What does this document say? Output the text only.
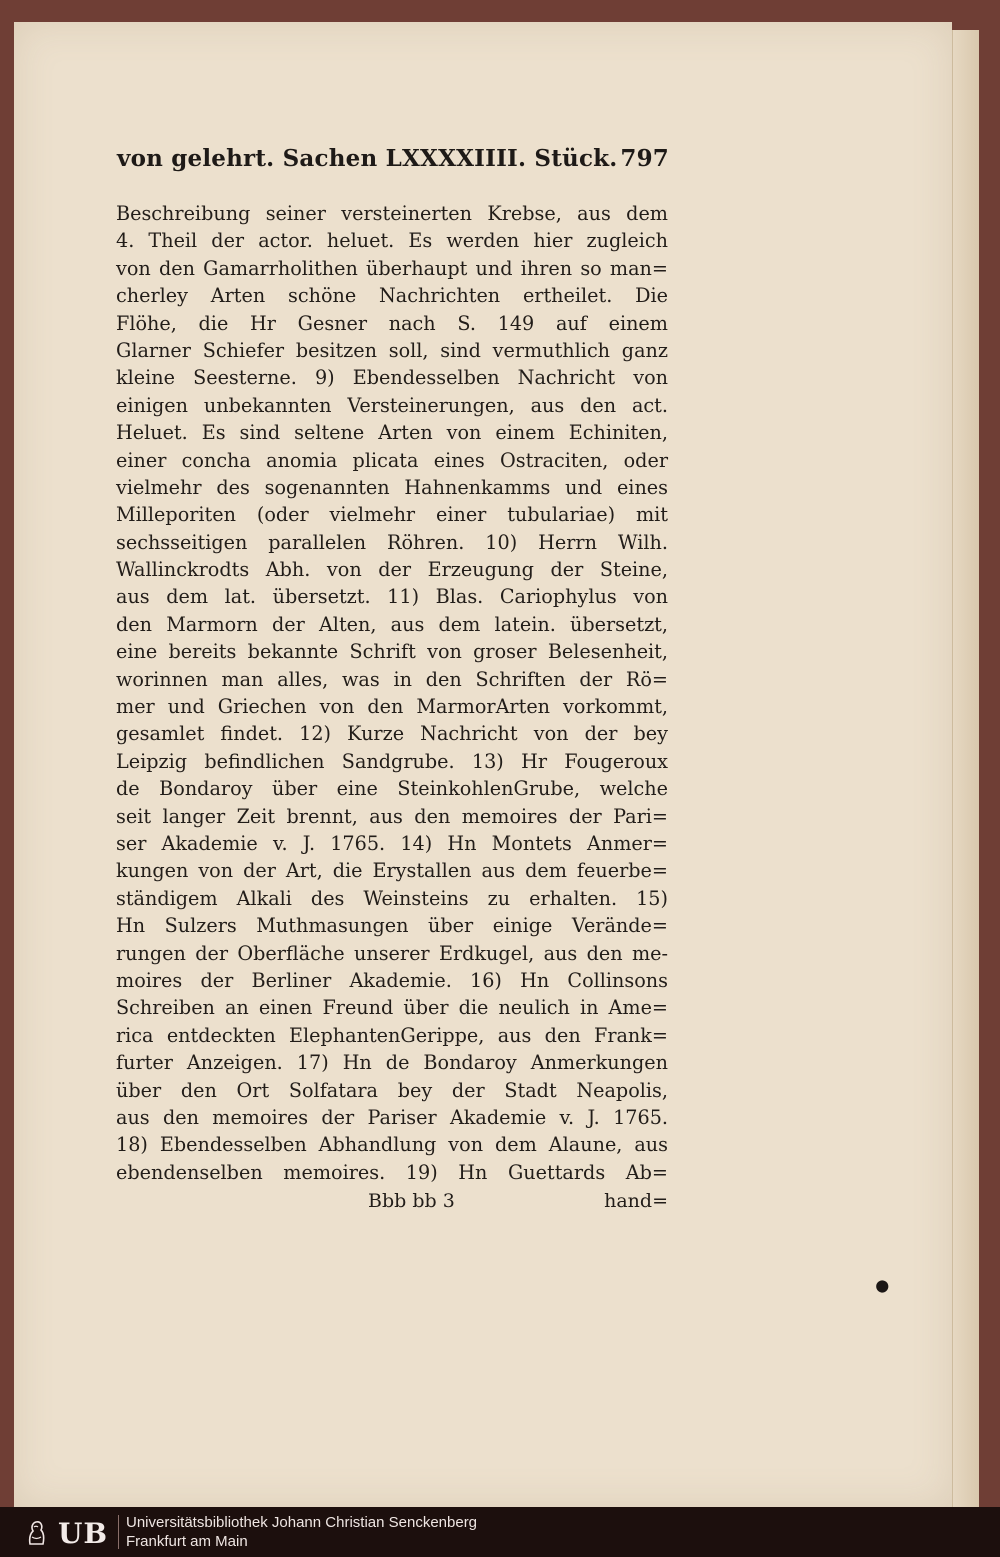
von gelehrt. Sachen LXXXXIIII. Stück. 797
Beschreibung seiner versteinerten Krebse, aus dem
4. Theil der actor. heluet. Es werden hier zugleich
von den Gamarrholithen überhaupt und ihren so man=
cherley Arten schöne Nachrichten ertheilet. Die
Flöhe, die Hr Gesner nach S. 149 auf einem
Glarner Schiefer besitzen soll, sind vermuthlich ganz
kleine Seesterne. 9) Ebendesselben Nachricht von
einigen unbekannten Versteinerungen, aus den act.
Heluet. Es sind seltene Arten von einem Echiniten,
einer concha anomia plicata eines Ostraciten, oder
vielmehr des sogenannten Hahnenkamms und eines
Milleporiten (oder vielmehr einer tubulariae) mit
sechsseitigen parallelen Röhren. 10) Herrn Wilh.
Wallinckrodts Abh. von der Erzeugung der Steine,
aus dem lat. übersetzt. 11) Blas. Cariophylus von
den Marmorn der Alten, aus dem latein. übersetzt,
eine bereits bekannte Schrift von groser Belesenheit,
worinnen man alles, was in den Schriften der Rö=
mer und Griechen von den MarmorArten vorkommt,
gesamlet findet. 12) Kurze Nachricht von der bey
Leipzig befindlichen Sandgrube. 13) Hr Fougeroux
de Bondaroy über eine SteinkohlenGrube, welche
seit langer Zeit brennt, aus den memoires der Pari=
ser Akademie v. J. 1765. 14) Hn Montets Anmer=
kungen von der Art, die Erystallen aus dem feuerbe=
ständigem Alkali des Weinsteins zu erhalten. 15)
Hn Sulzers Muthmasungen über einige Verände=
rungen der Oberfläche unserer Erdkugel, aus den me-
moires der Berliner Akademie. 16) Hn Collinsons
Schreiben an einen Freund über die neulich in Ame=
rica entdeckten ElephantenGerippe, aus den Frank=
furter Anzeigen. 17) Hn de Bondaroy Anmerkungen
über den Ort Solfatara bey der Stadt Neapolis,
aus den memoires der Pariser Akademie v. J. 1765.
18) Ebendesselben Abhandlung von dem Alaune, aus
ebendenselben memoires. 19) Hn Guettards Ab=
Bbb bb 3	hand=
●
UB Universitätsbibliothek Johann Christian Senckenberg
Frankfurt am Main
